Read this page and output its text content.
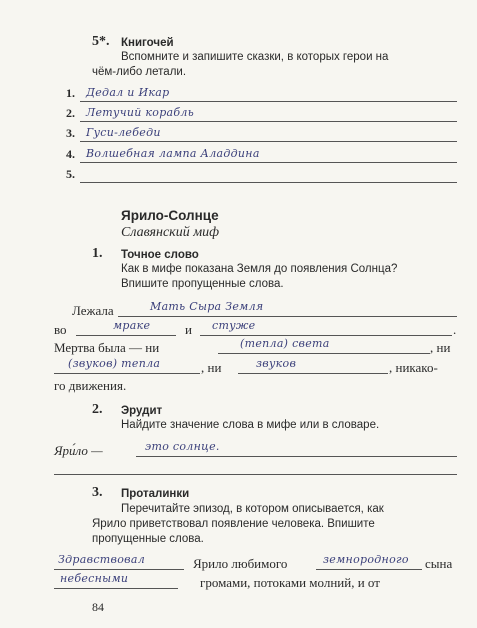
5*. Книгочей
Вспомните и запишите сказки, в которых герои на
чём-либо летали.
1. Дедал и Икар
2. Летучий корабль
3. Гуси-лебеди
4. Волшебная лампа Аладдина
5.
Ярило-Солнце
Славянский миф
1. Точное слово
Как в мифе показана Земля до появления Солнца?
Впишите пропущенные слова.
Лежала	Мать Сыра Земля
во	мраке	и стуже	.
Мертва была — ни	(тепла) света	, ни
(звуков) тепла	, ни	звуков	, никако-
го движения.
2. Эрудит
Найдите значение слова в мифе или в словаре.
Яри́ло —	это солнце.
3. Проталинки
Перечитайте эпизод, в котором описывается, как
Ярило приветствовал появление человека. Впишите
пропущенные слова.
Здравствовал	Ярило любимого	земнородного сына
небесными	громами, потоками молний, и от
84
